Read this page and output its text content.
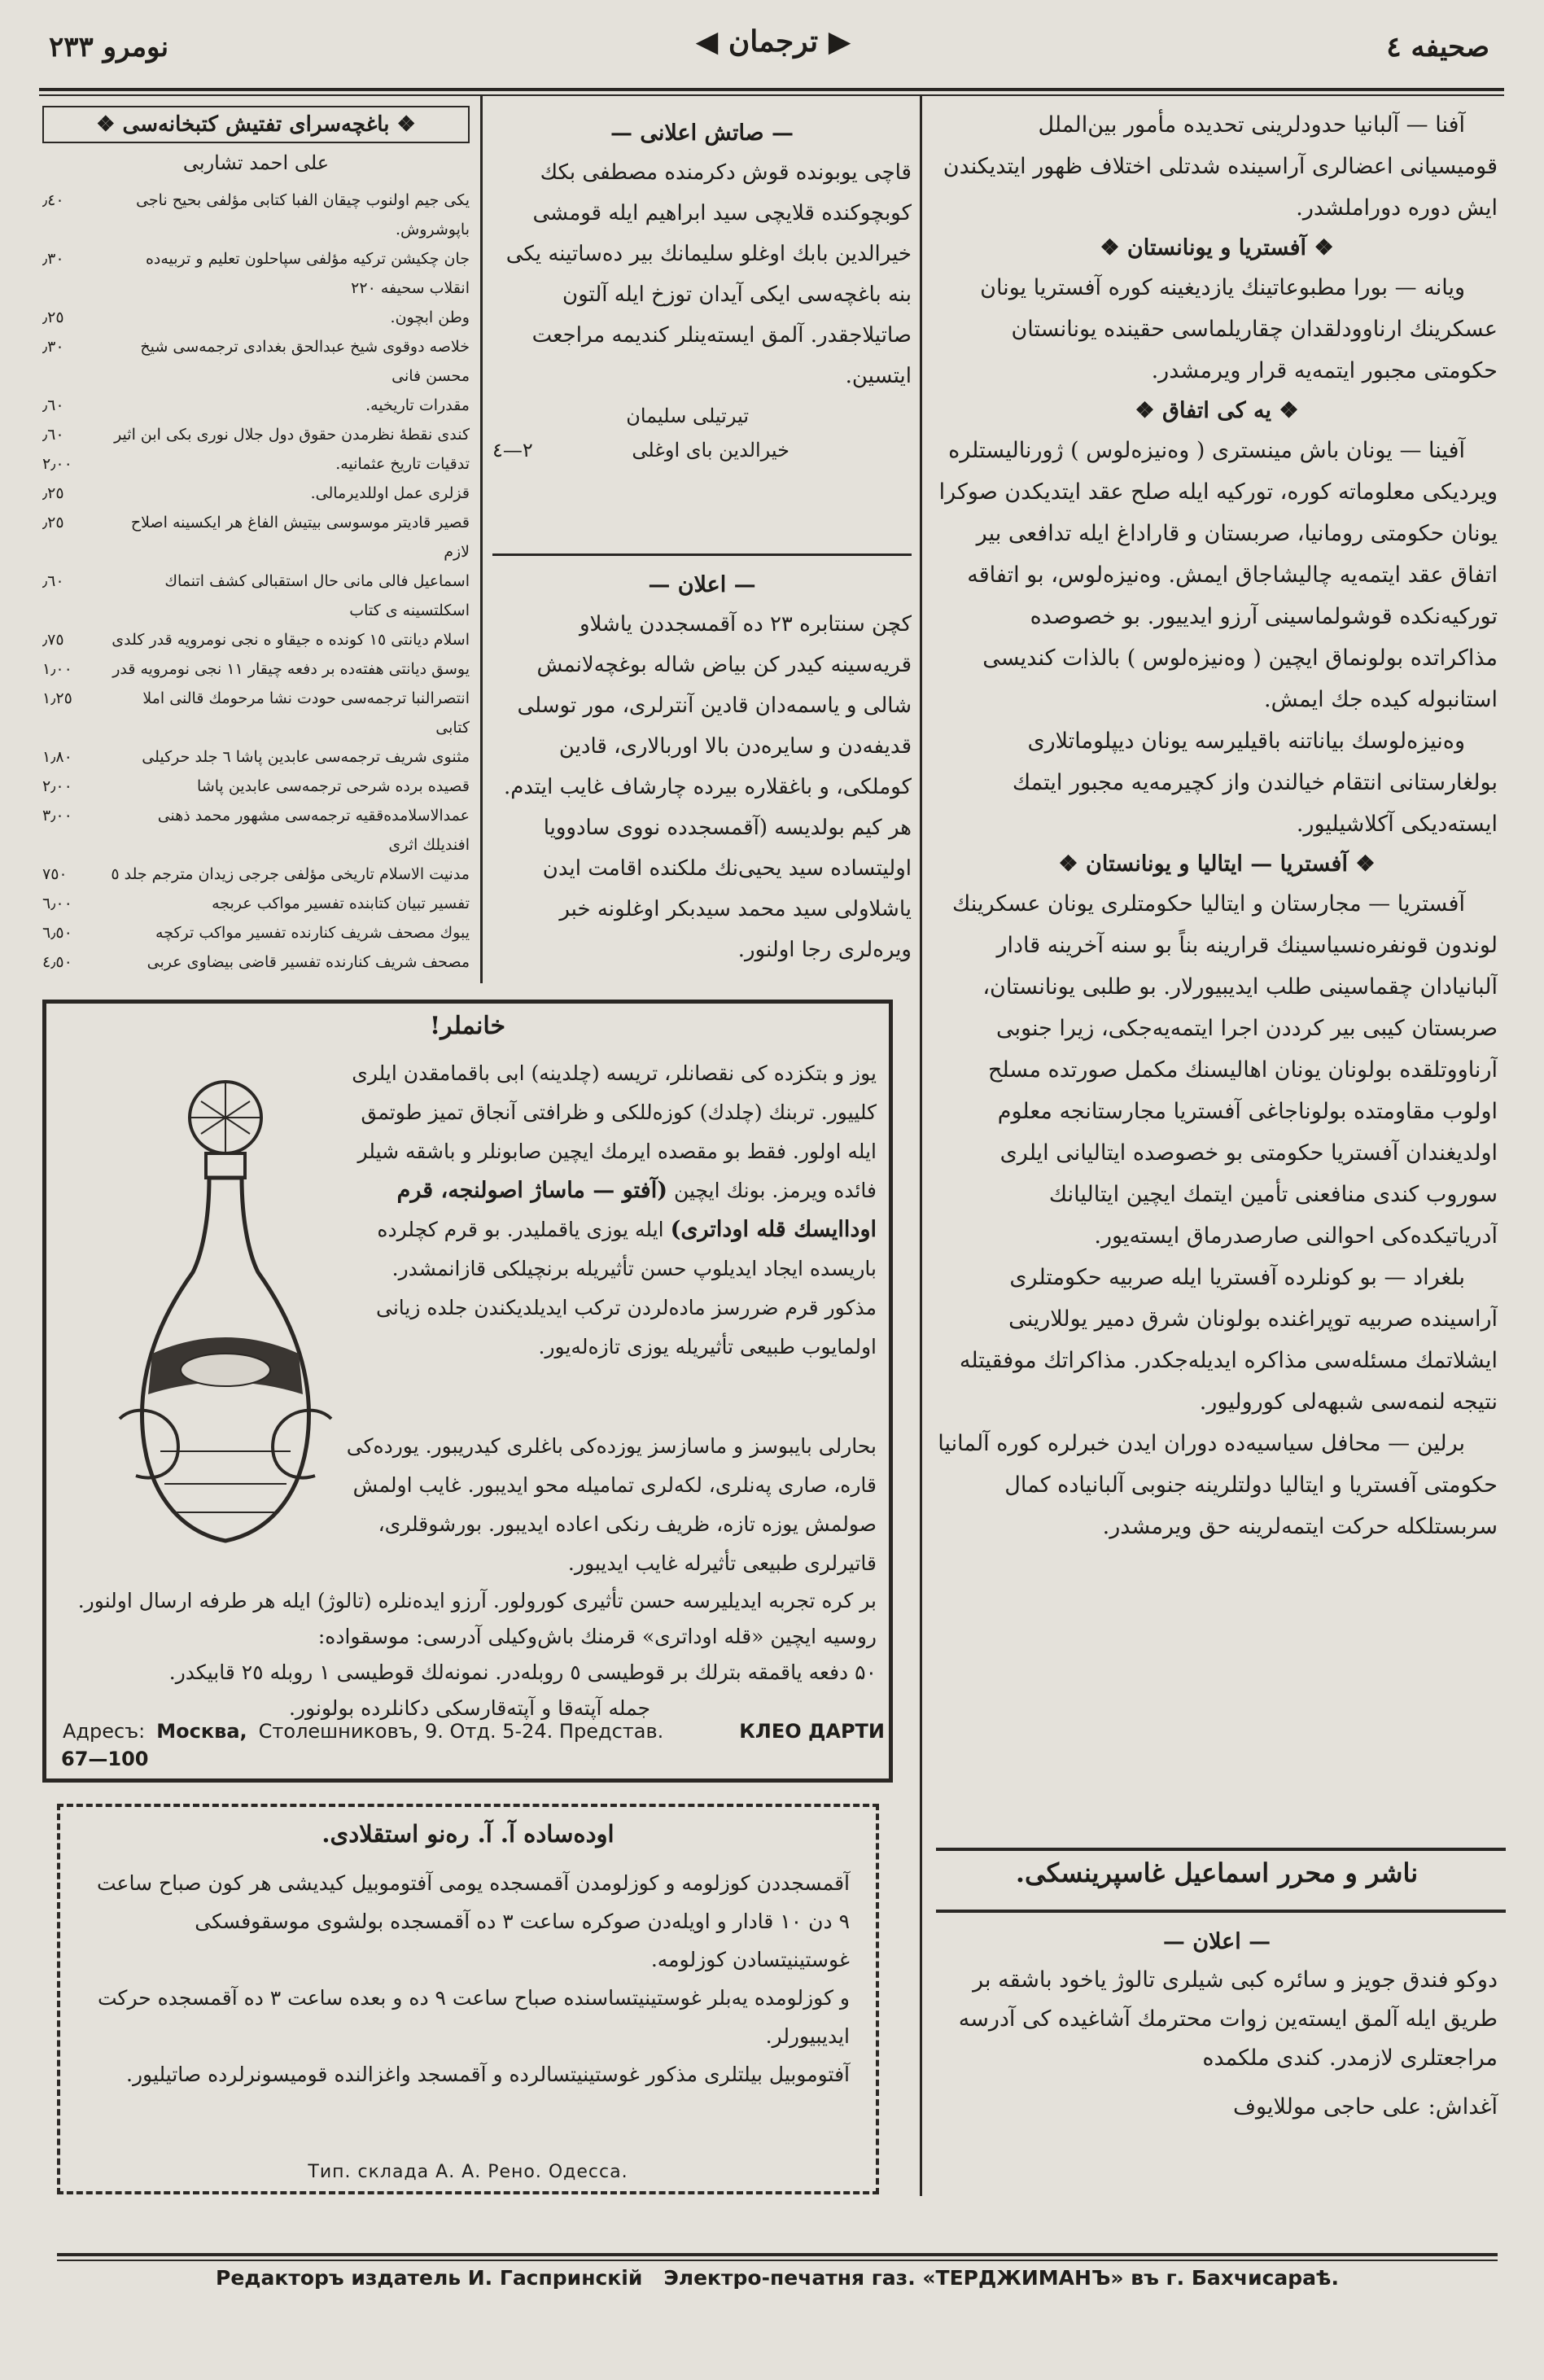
صحیفه ٤
◀ ترجمان ▶
نومرو ۲۳۳

آفنا — آلبانیا حدودلرینی تحدیده مأمور بین‌الملل قومیسیانی اعضالری آراسینده شدتلی اختلاف ظهور ایتدیکندن ایش دوره دوراملشدر.

❖ آفستریا و یونانستان ❖

ویانه — بورا مطبوعاتینك یازدیغینه کوره آفستریا یونان عسکرینك ارناوودلقدان چقاریلماسی حقینده یونانستان حکومتی مجبور ایتمه‌یه قرار ویرمشدر.

❖ یه کی اتفاق ❖

آفینا — یونان باش مینستری ( وەنیزەلوس ) ژورنالیستلره ویردیکی معلوماته کوره، تورکیه ایله صلح عقد ایتدیکدن صوکرا یونان حکومتی رومانیا، صربستان و قاراداغ ایله تدافعی بیر اتفاق عقد ایتمه‌یه چالیشاجاق ایمش. وەنیزەلوس، بو اتفاقه تورکیه‌نکده قوشولماسینی آرزو ایدییور. بو خصوصده مذاکراتده بولونماق ایچین ( وەنیزەلوس ) بالذات کندیسی استانبوله کیده جك ایمش.

وەنیزەلوسك بیاناتنه باقیلیرسه یونان دیپلوماتلاری بولغارستانی انتقام خیالندن واز کچیرمه‌یه مجبور ایتمك ایسته‌دیکی آکلاشیلیور.

❖ آفستریا — ایتالیا و یونانستان ❖

آفستریا — مجارستان و ایتالیا حکومتلری یونان عسکرینك لوندون قونفرەنسیاسینك قرارینه بناً بو سنه آخرینه قادار آلبانیادان چقماسینی طلب ایدیبیورلار. بو طلبی یونانستان، صربستان کیبی بیر کرددن اجرا ایتمه‌یه‌جکی، زیرا جنوبی آرناووتلقده بولونان یونان اهالیسنك مکمل صورتده مسلح اولوب مقاومتده بولوناجاغی آفستریا مجارستانجه معلوم اولدیغندان آفستریا حکومتی بو خصوصده ایتالیانی ایلری سوروب کندی منافعنی تأمین ایتمك ایچین ایتالیانك آدریاتیکده‌کی احوالنی صارصدرماق ایسته‌یور.

بلغراد — بو کونلرده آفستریا ایله صربیه حکومتلری آراسینده صربیه توپراغنده بولونان شرق دمیر یوللارینی ایشلاتمك مسئله‌سی مذاکره ایدیله‌جکدر. مذاکراتك موفقیتله نتیجه لنمه‌سی شبهه‌لی کورولیور.

برلین — محافل سیاسیه‌ده دوران ایدن خبرلره کوره آلمانیا حکومتی آفستریا و ایتالیا دولتلرینه جنوبی آلبانیاده کمال سربستلکله حرکت ایتمه‌لرینه حق ویرمشدر.

ناشر و محرر اسماعیل غاسپرینسکی.
— اعلان —

دوکو فندق جویز و سائره کبی شیلری تالوژ یاخود باشقه بر طریق ایله آلمق ایسته‌ین زوات محترمك آشاغیده کی آدرسه مراجعتلری لازمدر. کندی ملکمده

آغداش: علی حاجی موللایوف

❖ باغچه‌سرای تفتیش کتبخانه‌سی ❖
علی احمد تشاربی
یکی جیم اولنوب چیقان الفبا کتابی مؤلفی بحیح ناجی باپوشروش.
٫٤٠
جان چکیشن ترکیه مؤلفی سپاحلون تعلیم و تربیه‌ده انقلاب سحیفه ۲۲۰
٫۳۰
وطن ابچون.
٫۲٥
خلاصه دوقوی شیخ عبدالحق بغدادی ترجمه‌سی شیخ محسن فانی
٫۳۰
مقدرات تاریخیه.
٫٦٠
کندی نقطهٔ نظرمدن حقوق دول جلال نوری بکی ابن اثیر
٫٦٠
تدقیات تاریخ عثمانیه.
۲٫۰۰
قزلری عمل اوللدیرمالی.
٫۲٥
قصیر قادیتر موسوسی بیتیش الفاغ هر ایکسینه اصلاح لازم
٫۲٥
اسماعیل فالی مانی حال استقبالی کشف اتنماك اسکلتسینه ی کتاب
٫٦٠
اسلام دیانتی ۱٥ کونده ه جیقاو ه نجی نومرویه قدر کلدی
٫۷٥
یوسق دیانتی هفته‌ده بر دفعه چیقار ۱۱ نجی نومرویه قدر
۱٫۰۰
انتصرالنبا ترجمه‌سی حودت نشا مرحومك قالنی املا کتابی
۱٫۲٥
مثنوی شریف ترجمه‌سی عابدین پاشا ٦ جلد حرکیلی
۱٫۸۰
قصیده بردە شرحی ترجمه‌سی عابدین پاشا
۲٫۰۰
عمدالاسلامده‌ققیه ترجمه‌سی مشهور محمد ذهنی افندیلك اثری
۳٫۰۰
مدنیت الاسلام تاریخی مؤلفی جرجی زیدان مترجم جلد ٥
۷٥۰
تفسیر تبیان کتابنده تفسیر مواکب عربجه
٦٫۰۰
یبوك مصحف شریف کنارنده تفسیر مواکب ترکچه
٦٫٥۰
مصحف شریف کنارنده تفسیر قاضی بیضاوی عربی
٤٫٥۰
— صاتش اعلانی —

قاچی یوبونده قوش دکرمنده مصطفی بکك کوبچوکنده قلایچی سید ابراهیم ایله قومشی خیرالدین بابك اوغلو سلیمانك بیر دەساتینه یکی بنه باغچه‌سی ایکی آیدان توزخ ایله آلتون صاتیلاجقدر. آلمق ایسته‌ینلر کندیمه مراجعت ایتسین.

تیرتیلی سلیمان
خیرالدین بای اوغلی
۲—٤
— اعلان —

کچن سنتابره ۲۳ ده آقمسجددن یاشلاو قریه‌سینه کیدر کن بیاض شاله بوغچه‌لانمش شالی و یاسمه‌دان قادین آنترلری، مور توسلی قدیفه‌دن و سایره‌دن بالا اوربالاری، قادین کوملکی، و باغقلاره بیرده چارشاف غایب ایتدم. هر کیم بولدیسه (آقمسجدده نووی سادوویا اولیتساده سید یحیی‌نك ملکنده اقامت ایدن یاشلاولی سید محمد سیدبکر اوغلونه خبر ویره‌لری رجا اولنور.

خانملر!
یوز و بتکزده کی نقصانلر، تریسه (چلدینه) ابی باقمامقدن ایلری کلییور. تربنك (چلدك) کوزەللکی و ظرافتی آنجاق تمیز طوتمق ایله اولور. فقط بو مقصدە ایرمك ایچین صابونلر و باشقه شیلر فائده ویرمز. بونك ایچین (آفتو — ماساژ اصولنجه، قرم اوداایسك قله اوداتری) ایله یوزی یاقملیدر. بو قرم کچلرده باریسده ایجاد ایدیلوپ حسن تأثیریله برنچیلکی قازانمشدر. مذکور قرم ضررسز مادەلردن ترکب ایدیلدیکندن جلده زیانی اولمایوب طبیعی تأثیریله یوزی تازەلەیور.
بحارلی بایبوسز و ماسازسز یوزده‌کی باغلری کیدریبور. یورده‌کی قاره، صاری پەنلری، لکه‌لری تمامیله محو ایدیبور. غایب اولمش صولمش یوزه تازه، ظریف رنکی اعاده ایدیبور. بورشوقلری، قاتیرلری طبیعی تأثیرله غایب ایدیبور.
بر کره تجربه ایدیلیرسه حسن تأثیری کورولور. آرزو ایده‌نلره (تالوژ) ایله هر طرفه ارسال اولنور. روسیه ایچین «قله اوداتری» قرمنك باش‌وکیلی آدرسی: موسقواده:
۵۰ دفعه یاقمقه بترلك بر قوطیسی ٥ روبله‌در. نمونه‌لك قوطیسی ۱ روبله ۲٥ قابیکدر.
جمله آپتەقا و آپتەقارسکی دکانلرده بولونور.
Адресъ: Москва, Столешниковъ, 9. Отд. 5-24. Представ.	КЛЕО ДАРТИ
67—100
اوده‌ساده آ. آ. رەنو استقلادی.
آقمسجددن کوزلومه و کوزلومدن آقمسجده یومی آفتوموبیل کیدیشی هر کون صباح ساعت ۹ دن ۱۰ قادار و اویلەدن صوکره ساعت ۳ ده آقمسجده بولشوی موسقوفسکی غوستینیتسادن کوزلومه.
و کوزلومده یەبلر غوستینیتساسنده صباح ساعت ۹ ده و بعده ساعت ۳ ده آقمسجده حرکت ایدیبیورلر.
آفتوموبیل بیلتلری مذکور غوستینیتسالرده و آقمسجد واغزالنده قومیسونرلرده صاتیلیور.
Тип. склада А. А. Рено. Одесса.
Редакторъ издатель И. Гаспринскiй   Электро-печатня газ. «ТЕРДЖИМАНЪ» въ г. Бахчисараѣ.
